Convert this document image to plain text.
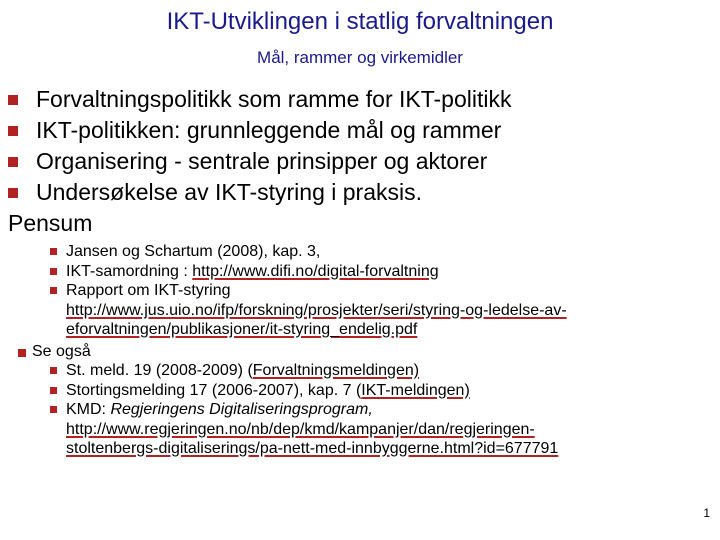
IKT-Utviklingen i statlig forvaltningen
Mål, rammer og virkemidler
Forvaltningspolitikk som ramme for IKT-politikk
IKT-politikken: grunnleggende mål og rammer
Organisering - sentrale prinsipper og aktorer
Undersøkelse av IKT-styring i praksis.
Pensum
Jansen og Schartum (2008), kap. 3,
IKT-samordning : http://www.difi.no/digital-forvaltning
Rapport om IKT-styring
http://www.jus.uio.no/ifp/forskning/prosjekter/seri/styring-og-ledelse-av-
eforvaltningen/publikasjoner/it-styring_endelig.pdf
Se også
St. meld. 19 (2008-2009) (Forvaltningsmeldingen)
Stortingsmelding 17 (2006-2007), kap. 7 (IKT-meldingen)
KMD: Regjeringens Digitaliseringsprogram,
http://www.regjeringen.no/nb/dep/kmd/kampanjer/dan/regjeringen-
stoltenbergs-digitaliserings/pa-nett-med-innbyggerne.html?id=677791
1
